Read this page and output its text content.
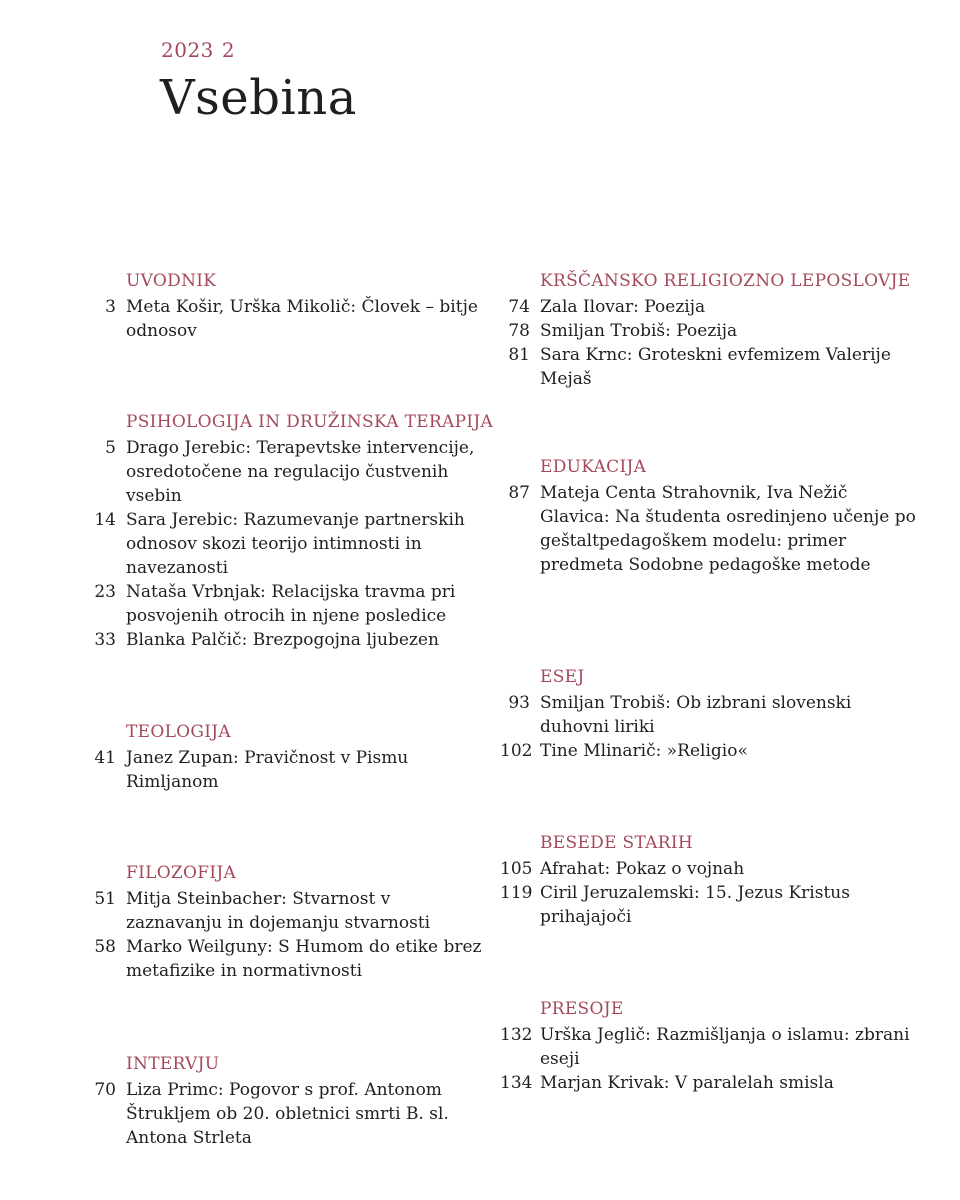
2023 2
Vsebina
UVODNIK
3 Meta Košir, Urška Mikolič: Človek – bitje odnosov
PSIHOLOGIJA IN DRUŽINSKA TERAPIJA
5 Drago Jerebic: Terapevtske intervencije, osredotočene na regulacijo čustvenih vsebin
14 Sara Jerebic: Razumevanje partnerskih odnosov skozi teorijo intimnosti in navezanosti
23 Nataša Vrbnjak: Relacijska travma pri posvojenih otrocih in njene posledice
33 Blanka Palčič: Brezpogojna ljubezen
TEOLOGIJA
41 Janez Zupan: Pravičnost v Pismu Rimljanom
FILOZOFIJA
51 Mitja Steinbacher: Stvarnost v zaznavanju in dojemanju stvarnosti
58 Marko Weilguny: S Humom do etike brez metafizike in normativnosti
INTERVJU
70 Liza Primc: Pogovor s prof. Antonom Štrukljem ob 20. obletnici smrti B. sl. Antona Strleta
KRŠČANSKO RELIGIOZNO LEPOSLOVJE
74 Zala Ilovar: Poezija
78 Smiljan Trobiš: Poezija
81 Sara Krnc: Groteskni evfemizem Valerije Mejaš
EDUKACIJA
87 Mateja Centa Strahovnik, Iva Nežič Glavica: Na študenta osredinjeno učenje po geštaltpedagoškem modelu: primer predmeta Sodobne pedagoške metode
ESEJ
93 Smiljan Trobiš: Ob izbrani slovenski duhovni liriki
102 Tine Mlinarič: »Religio«
BESEDE STARIH
105 Afrahat: Pokaz o vojnah
119 Ciril Jeruzalemski: 15. Jezus Kristus prihajajoči
PRESOJE
132 Urška Jeglič: Razmišljanja o islamu: zbrani eseji
134 Marjan Krivak: V paralelah smisla
